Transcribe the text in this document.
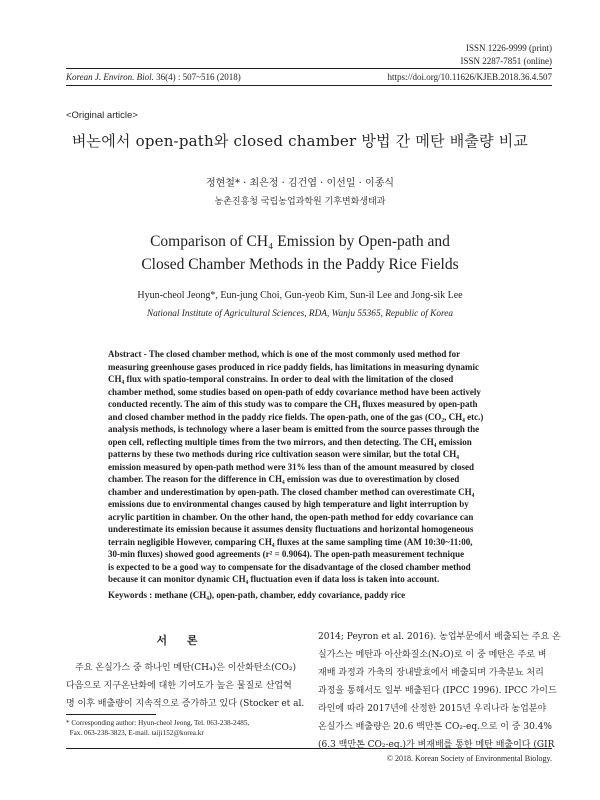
ISSN 1226-9999 (print)
ISSN 2287-7851 (online)
Korean J. Environ. Biol. 36(4) : 507~516 (2018)	https://doi.org/10.11626/KJEB.2018.36.4.507
<Original article>
벼논에서 open-path와 closed chamber 방법 간 메탄 배출량 비교
정현철* · 최은정 · 김건엽 · 이선일 · 이종식
농촌진흥청 국립농업과학원 기후변화생태과
Comparison of CH₄ Emission by Open-path and
Closed Chamber Methods in the Paddy Rice Fields
Hyun-cheol Jeong*, Eun-jung Choi, Gun-yeob Kim, Sun-il Lee and Jong-sik Lee
National Institute of Agricultural Sciences, RDA, Wanju 55365, Republic of Korea
Abstract - The closed chamber method, which is one of the most commonly used method for
measuring greenhouse gases produced in rice paddy fields, has limitations in measuring dynamic
CH₄ flux with spatio-temporal constrains. In order to deal with the limitation of the closed
chamber method, some studies based on open-path of eddy covariance method have been actively
conducted recently. The aim of this study was to compare the CH₄ fluxes measured by open-path
and closed chamber method in the paddy rice fields. The open-path, one of the gas (CO₂, CH₄ etc.)
analysis methods, is technology where a laser beam is emitted from the source passes through the
open cell, reflecting multiple times from the two mirrors, and then detecting. The CH₄ emission
patterns by these two methods during rice cultivation season were similar, but the total CH₄
emission measured by open-path method were 31% less than of the amount measured by closed
chamber. The reason for the difference in CH₄ emission was due to overestimation by closed
chamber and underestimation by open-path. The closed chamber method can overestimate CH₄
emissions due to environmental changes caused by high temperature and light interruption by
acrylic partition in chamber. On the other hand, the open-path method for eddy covariance can
underestimate its emission because it assumes density fluctuations and horizontal homogeneous
terrain negligible However, comparing CH₄ fluxes at the same sampling time (AM 10:30~11:00,
30-min fluxes) showed good agreements (r² = 0.9064). The open-path measurement technique
is expected to be a good way to compensate for the disadvantage of the closed chamber method
because it can monitor dynamic CH₄ fluctuation even if data loss is taken into account.
Keywords : methane (CH₄), open-path, chamber, eddy covariance, paddy rice
서 론
주요 온실가스 중 하나인 메탄(CH₄)은 이산화탄소(CO₂)
다음으로 지구온난화에 대한 기여도가 높은 물질로 산업혁
명 이후 배출량이 지속적으로 증가하고 있다 (Stocker et al.
2014; Peyron et al. 2016). 농업부문에서 배출되는 주요 온
실가스는 메탄과 아산화질소(N₂O)로 이 중 메탄은 주로 벼
재배 과정과 가축의 장내발효에서 배출되며 가축분뇨 처리
과정을 통해서도 일부 배출된다 (IPCC 1996). IPCC 가이드
라인에 따라 2017년에 산정한 2015년 우리나라 농업분야
온실가스 배출량은 20.6 백만톤 CO₂-eq.으로 이 중 30.4%
(6.3 백만톤 CO₂-eq.)가 벼재배를 통한 메탄 배출이다 (GIR
* Corresponding author: Hyun-cheol Jeong, Tel. 063-238-2485,
Fax. 063-238-3823, E-mail. taiji152@korea.kr
© 2018. Korean Society of Environmental Biology.
